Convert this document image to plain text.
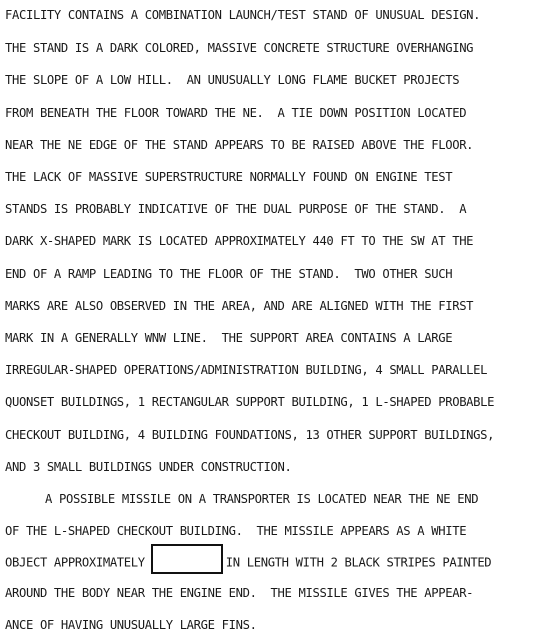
FACILITY CONTAINS A COMBINATION LAUNCH/TEST STAND OF UNUSUAL DESIGN.
THE STAND IS A DARK COLORED, MASSIVE CONCRETE STRUCTURE OVERHANGING
THE SLOPE OF A LOW HILL.  AN UNUSUALLY LONG FLAME BUCKET PROJECTS
FROM BENEATH THE FLOOR TOWARD THE NE.  A TIE DOWN POSITION LOCATED
NEAR THE NE EDGE OF THE STAND APPEARS TO BE RAISED ABOVE THE FLOOR.
THE LACK OF MASSIVE SUPERSTRUCTURE NORMALLY FOUND ON ENGINE TEST
STANDS IS PROBABLY INDICATIVE OF THE DUAL PURPOSE OF THE STAND.  A
DARK X-SHAPED MARK IS LOCATED APPROXIMATELY 440 FT TO THE SW AT THE
END OF A RAMP LEADING TO THE FLOOR OF THE STAND.  TWO OTHER SUCH
MARKS ARE ALSO OBSERVED IN THE AREA, AND ARE ALIGNED WITH THE FIRST
MARK IN A GENERALLY WNW LINE.  THE SUPPORT AREA CONTAINS A LARGE
IRREGULAR-SHAPED OPERATIONS/ADMINISTRATION BUILDING, 4 SMALL PARALLEL
QUONSET BUILDINGS, 1 RECTANGULAR SUPPORT BUILDING, 1 L-SHAPED PROBABLE
CHECKOUT BUILDING, 4 BUILDING FOUNDATIONS, 13 OTHER SUPPORT BUILDINGS,
AND 3 SMALL BUILDINGS UNDER CONSTRUCTION.
A POSSIBLE MISSILE ON A TRANSPORTER IS LOCATED NEAR THE NE END
OF THE L-SHAPED CHECKOUT BUILDING.  THE MISSILE APPEARS AS A WHITE
OBJECT APPROXIMATELY	IN LENGTH WITH 2 BLACK STRIPES PAINTED
AROUND THE BODY NEAR THE ENGINE END.  THE MISSILE GIVES THE APPEAR-
ANCE OF HAVING UNUSUALLY LARGE FINS.
